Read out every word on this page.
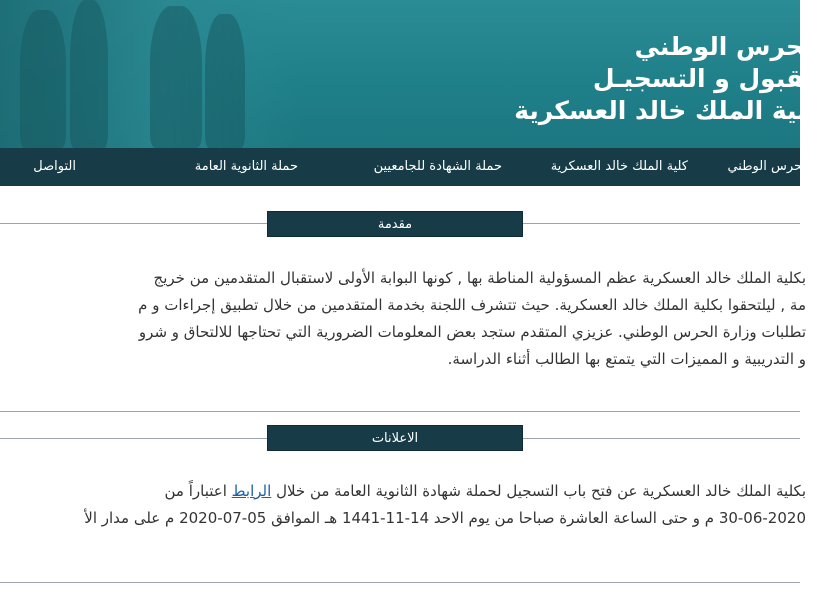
الحرس الوطني
القبول و التسجيـل
كلية الملك خالد العسكرية
الحرس الوطني
كلية الملك خالد العسكرية
حملة الشهادة للجامعيين
حملة الثانوية العامة
التواصل
مقدمة
بكلية الملك خالد العسكرية عظم المسؤولية المناطة بها , كونها البوابة الأولى لاستقبال المتقدمين من خريج
مة , ليلتحقوا بكلية الملك خالد العسكرية. حيث تتشرف اللجنة بخدمة المتقدمين من خلال تطبيق إجراءات و م
تطلبات وزارة الحرس الوطني. عزيزي المتقدم ستجد بعض المعلومات الضرورية التي تحتاجها للالتحاق و شرو
و التدريبية و المميزات التي يتمتع بها الطالب أثناء الدراسة.
الاعلانات
بكلية الملك خالد العسكرية عن فتح باب التسجيل لحملة شهادة الثانوية العامة من خلال الرابط اعتباراً من
30-06-2020 م و حتى الساعة العاشرة صباحا من يوم الاحد 14-11-1441 هـ الموافق 05-07-2020 م على مدار الأ
